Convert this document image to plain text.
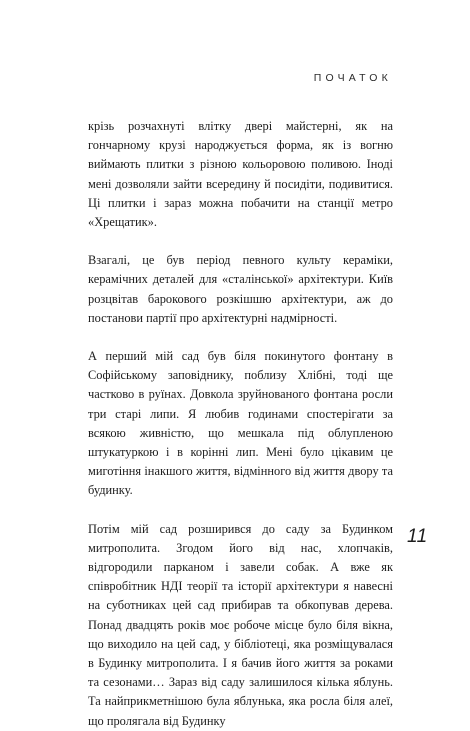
ПОЧАТОК

крізь розчахнуті влітку двері майстерні, як на гончарному крузі народжується форма, як із вогню виймають плитки з різною кольоровою поливою. Іноді мені дозволяли зайти всередину й посидіти, подивитися. Ці плитки і зараз можна побачити на станції метро «Хрещатик».

Взагалі, це був період певного культу кераміки, керамічних деталей для «сталінської» архітектури. Київ розцвітав барокового розкішшю архітектури, аж до постанови партії про архітектурні надмірності.

А перший мій сад був біля покинутого фонтану в Софійському заповіднику, поблизу Хлібні, тоді ще частково в руїнах. Довкола зруйнованого фонтана росли три старі липи. Я любив годинами спостерігати за всякою живністю, що мешкала під облупленою штукатуркою і в корінні лип. Мені було цікавим це миготіння інакшого життя, відмінного від життя двору та будинку.

Потім мій сад розширився до саду за Будинком митрополита. Згодом його від нас, хлопчаків, відгородили парканом і завели собак. А вже як співробітник НДІ теорії та історії архітектури я навесні на суботниках цей сад прибирав та обкопував дерева. Понад двадцять років моє робоче місце було біля вікна, що виходило на цей сад, у бібліотеці, яка розміщувалася в Будинку митрополита. І я бачив його життя за роками та сезонами… Зараз від саду залишилося кілька яблунь. Та найприкметнішою була яблунька, яка росла біля алеї, що пролягала від Будинку

11
